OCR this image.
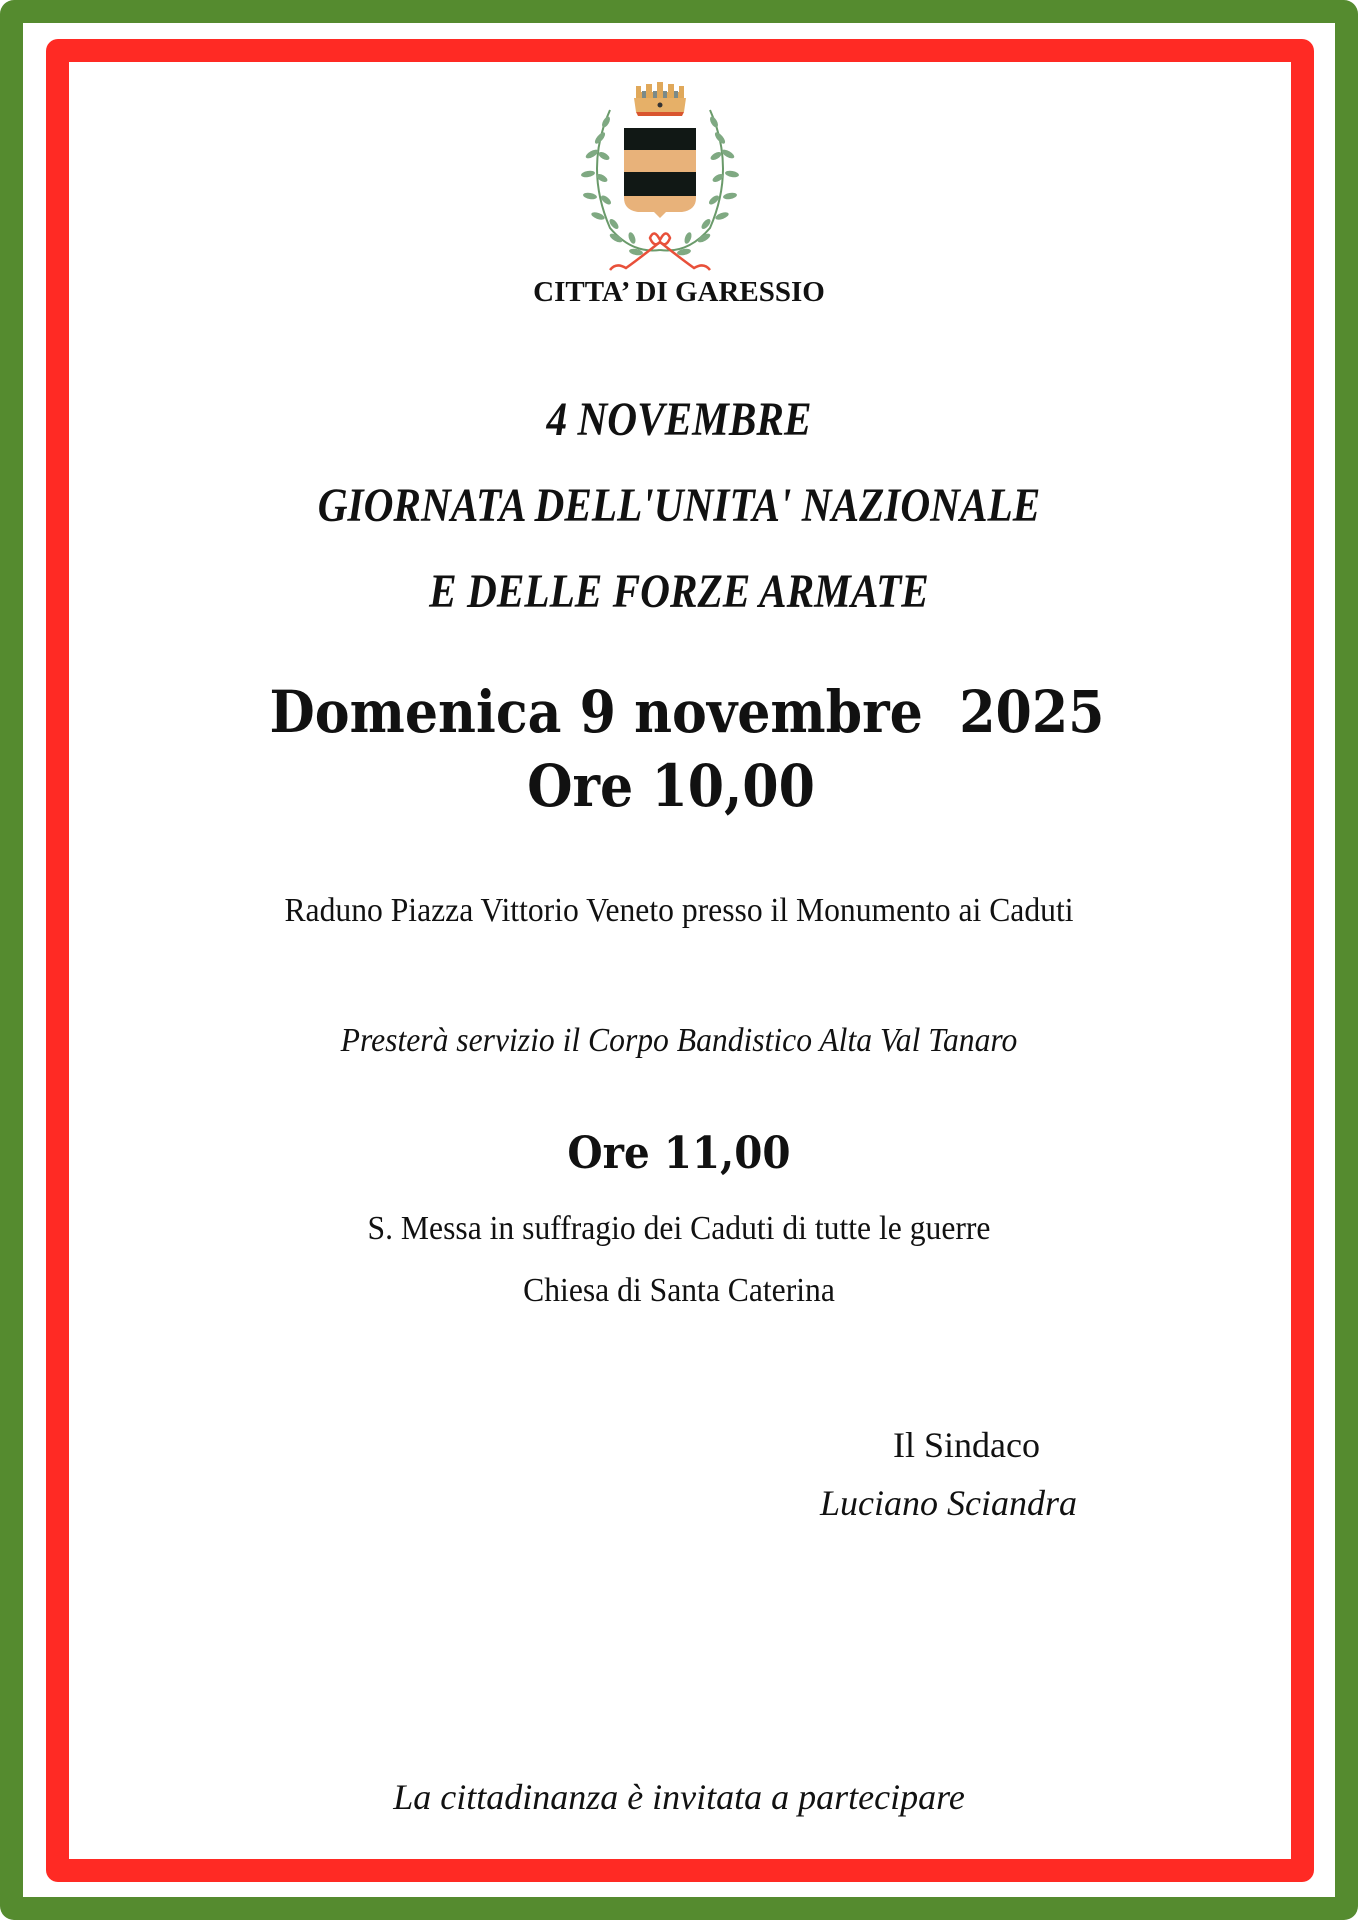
CITTA’ DI GARESSIO
4 NOVEMBRE
GIORNATA DELL'UNITA' NAZIONALE
E DELLE FORZE ARMATE
Domenica 9 novembre  2025
Ore 10,00
Raduno Piazza Vittorio Veneto presso il Monumento ai Caduti
Presterà servizio il Corpo Bandistico Alta Val Tanaro
Ore 11,00
S. Messa in suffragio dei Caduti di tutte le guerre
Chiesa di Santa Caterina
Il Sindaco
Luciano Sciandra
La cittadinanza è invitata a partecipare
